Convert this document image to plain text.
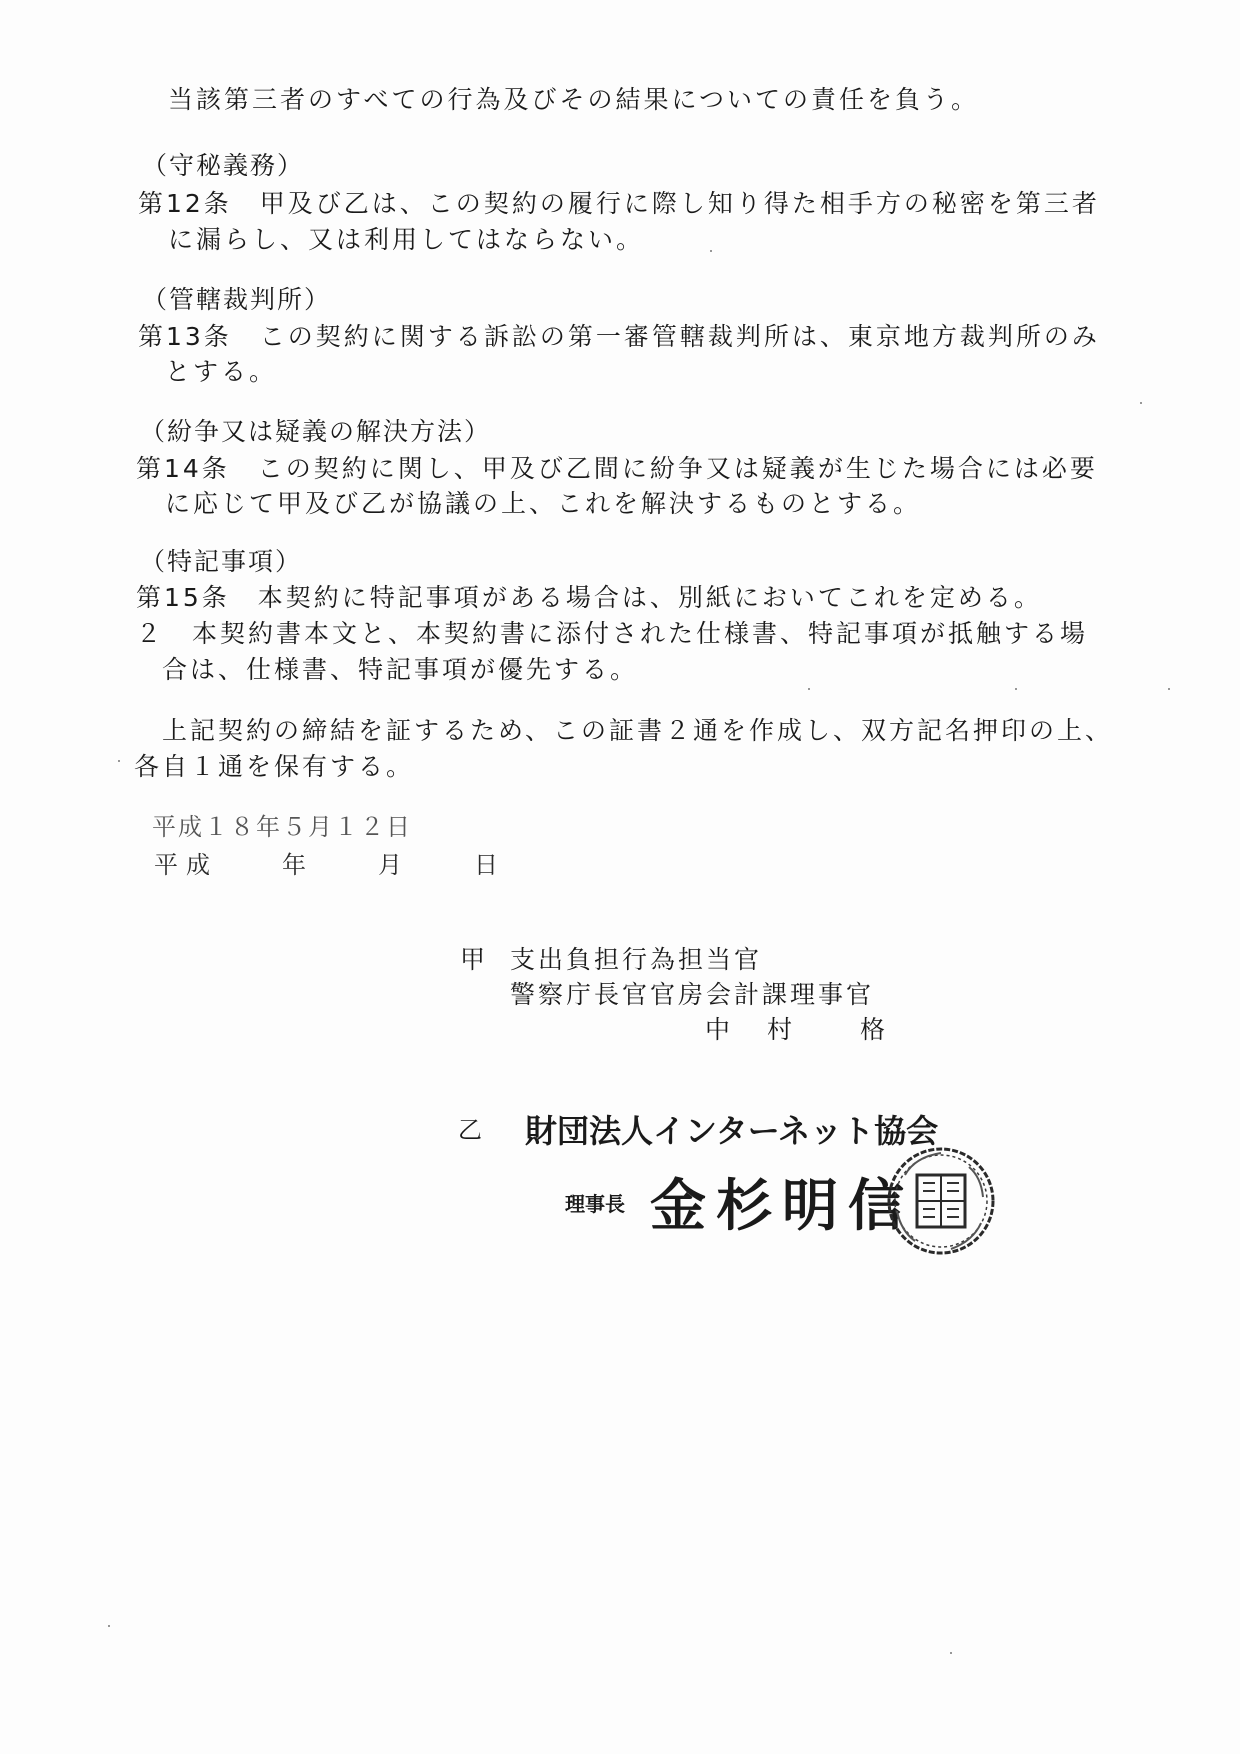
当該第三者のすべての行為及びその結果についての責任を負う。
（守秘義務）
第12条　甲及び乙は、この契約の履行に際し知り得た相手方の秘密を第三者
に漏らし、又は利用してはならない。
（管轄裁判所）
第13条　この契約に関する訴訟の第一審管轄裁判所は、東京地方裁判所のみ
とする。
（紛争又は疑義の解決方法）
第14条　この契約に関し、甲及び乙間に紛争又は疑義が生じた場合には必要
に応じて甲及び乙が協議の上、これを解決するものとする。
（特記事項）
第15条　本契約に特記事項がある場合は、別紙においてこれを定める。
２　本契約書本文と、本契約書に添付された仕様書、特記事項が抵触する場
合は、仕様書、特記事項が優先する。
上記契約の締結を証するため、この証書２通を作成し、双方記名押印の上、
各自１通を保有する。
平成１８年５月１２日
平成　　年　　月　　日
甲 支出負担行為担当官
警察庁長官官房会計課理事官
中　村　　格
乙 財団法人インターネット協会
理事長 金杉明信
